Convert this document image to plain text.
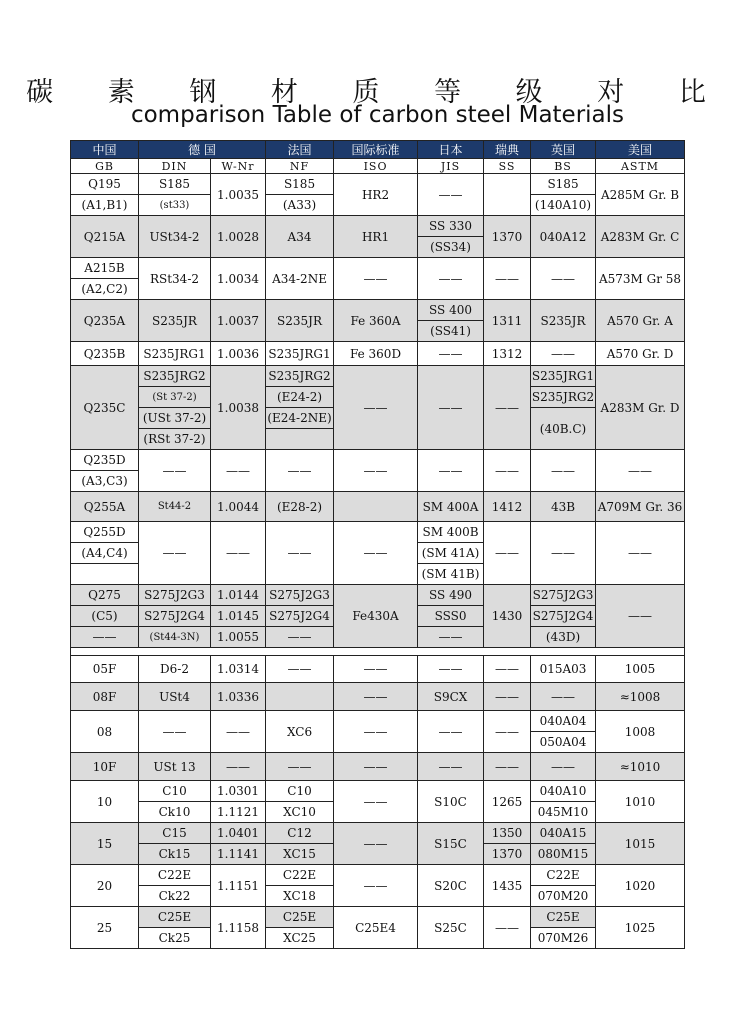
碳 素 钢 材 质 等 级 对 比
comparison Table of carbon steel Materials
中国	德 国		法国	国际标准	日本	瑞典	英国	美国
GB	DIN	W-Nr	NF	ISO	JIS	SS	BS	ASTM
Q195	S185	1.0035	S185	HR2	——		S185	A285M Gr. B
(A1,B1)	(st33)		(A33)				(140A10)	
Q215A	USt34-2	1.0028	A34	HR1	SS 330	1370	040A12	A283M Gr. C
					(SS34)			
A215B	RSt34-2	1.0034	A34-2NE	——	——	——	——	A573M Gr 58
(A2,C2)								
Q235A	S235JR	1.0037	S235JR	Fe 360A	SS 400	1311	S235JR	A570 Gr. A
					(SS41)			
Q235B	S235JRG1	1.0036	S235JRG1	Fe 360D	——	1312	——	A570 Gr. D
Q235C	S235JRG2	1.0038	S235JRG2	——	——	——	S235JRG1	A283M Gr. D
	(St 37-2)		(E24-2)				S235JRG2	
	(USt 37-2)		(E24-2NE)				(40B.C)	
	(RSt 37-2)							
Q235D	——	——	——	——	——	——	——	——
(A3,C3)								
Q255A	St44-2	1.0044	(E28-2)		SM 400A	1412	43B	A709M Gr. 36
Q255D	——	——	——	——	SM 400B	——	——	——
(A4,C4)					(SM 41A)			
					(SM 41B)			
Q275	S275J2G3	1.0144	S275J2G3	Fe430A	SS 490	1430	S275J2G3	——
(C5)	S275J2G4	1.0145	S275J2G4		SSS0		S275J2G4	
——	(St44-3N)	1.0055	——		——		(43D)	

05F	D6-2	1.0314	——	——	——	——	015A03	1005
08F	USt4	1.0336		——	S9CX	——	——	≈1008
08	——	——	XC6	——	——	——	040A04	1008
							050A04	
10F	USt 13	——	——	——	——	——	——	≈1010
10	C10	1.0301	C10	——	S10C	1265	040A10	1010
	Ck10	1.1121	XC10				045M10	
15	C15	1.0401	C12	——	S15C	1350	040A15	1015
	Ck15	1.1141	XC15			1370	080M15	
20	C22E	1.1151	C22E	——	S20C	1435	C22E	1020
	Ck22		XC18				070M20	
25	C25E	1.1158	C25E	C25E4	S25C	——	C25E	1025
	Ck25		XC25				070M26	
